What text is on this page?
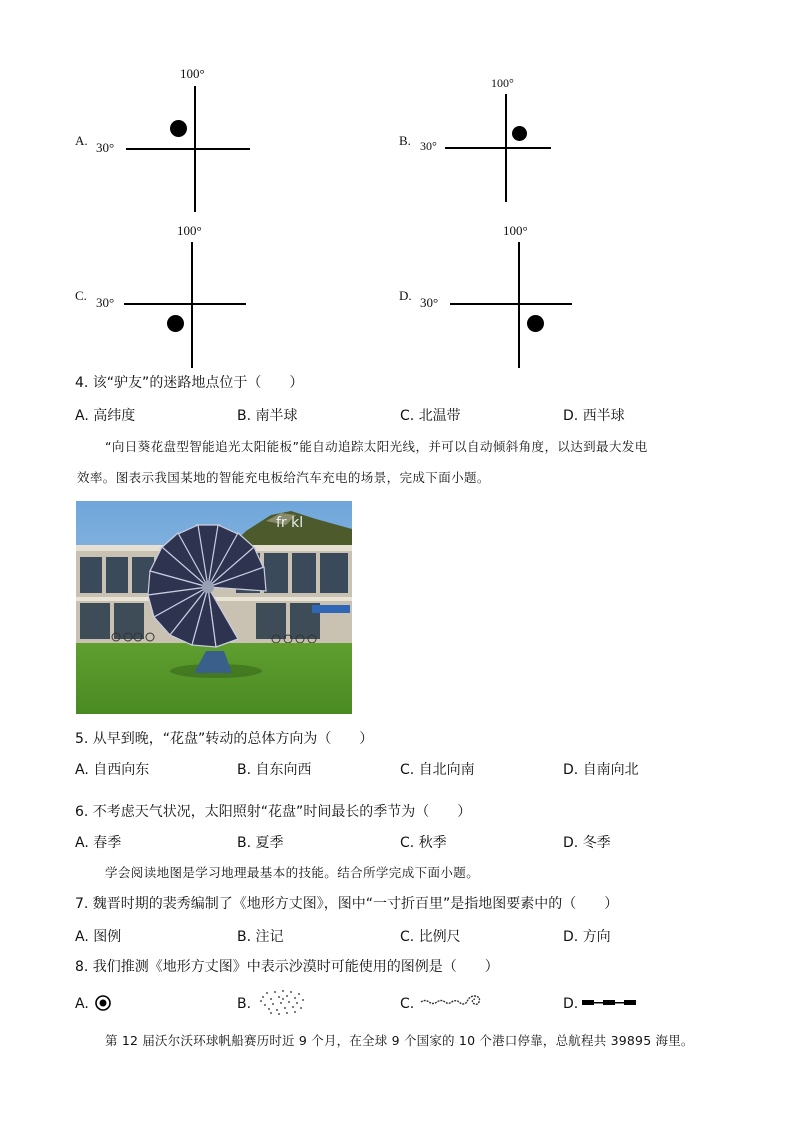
A.
100°
30°	B.
100°
30°
C.
100°
30°	D.
100°
30°
4. 该“驴友”的迷路地点位于（　　）
A. 高纬度	B. 南半球	C. 北温带	D. 西半球
“向日葵花盘型智能追光太阳能板”能自动追踪太阳光线，并可以自动倾斜角度，以达到最大发电
效率。图表示我国某地的智能充电板给汽车充电的场景，完成下面小题。
fr kl
5. 从早到晚，“花盘”转动的总体方向为（　　）
A. 自西向东	B. 自东向西	C. 自北向南	D. 自南向北
6. 不考虑天气状况，太阳照射“花盘”时间最长的季节为（　　）
A. 春季	B. 夏季	C. 秋季	D. 冬季
学会阅读地图是学习地理最基本的技能。结合所学完成下面小题。
7. 魏晋时期的裴秀编制了《地形方丈图》，图中“一寸折百里”是指地图要素中的（　　）
A. 图例	B. 注记	C. 比例尺	D. 方向
8. 我们推测《地形方丈图》中表示沙漠时可能使用的图例是（　　）
A.	B.	C.	D.
第 12 届沃尔沃环球帆船赛历时近 9 个月，在全球 9 个国家的 10 个港口停靠，总航程共 39895 海里。
